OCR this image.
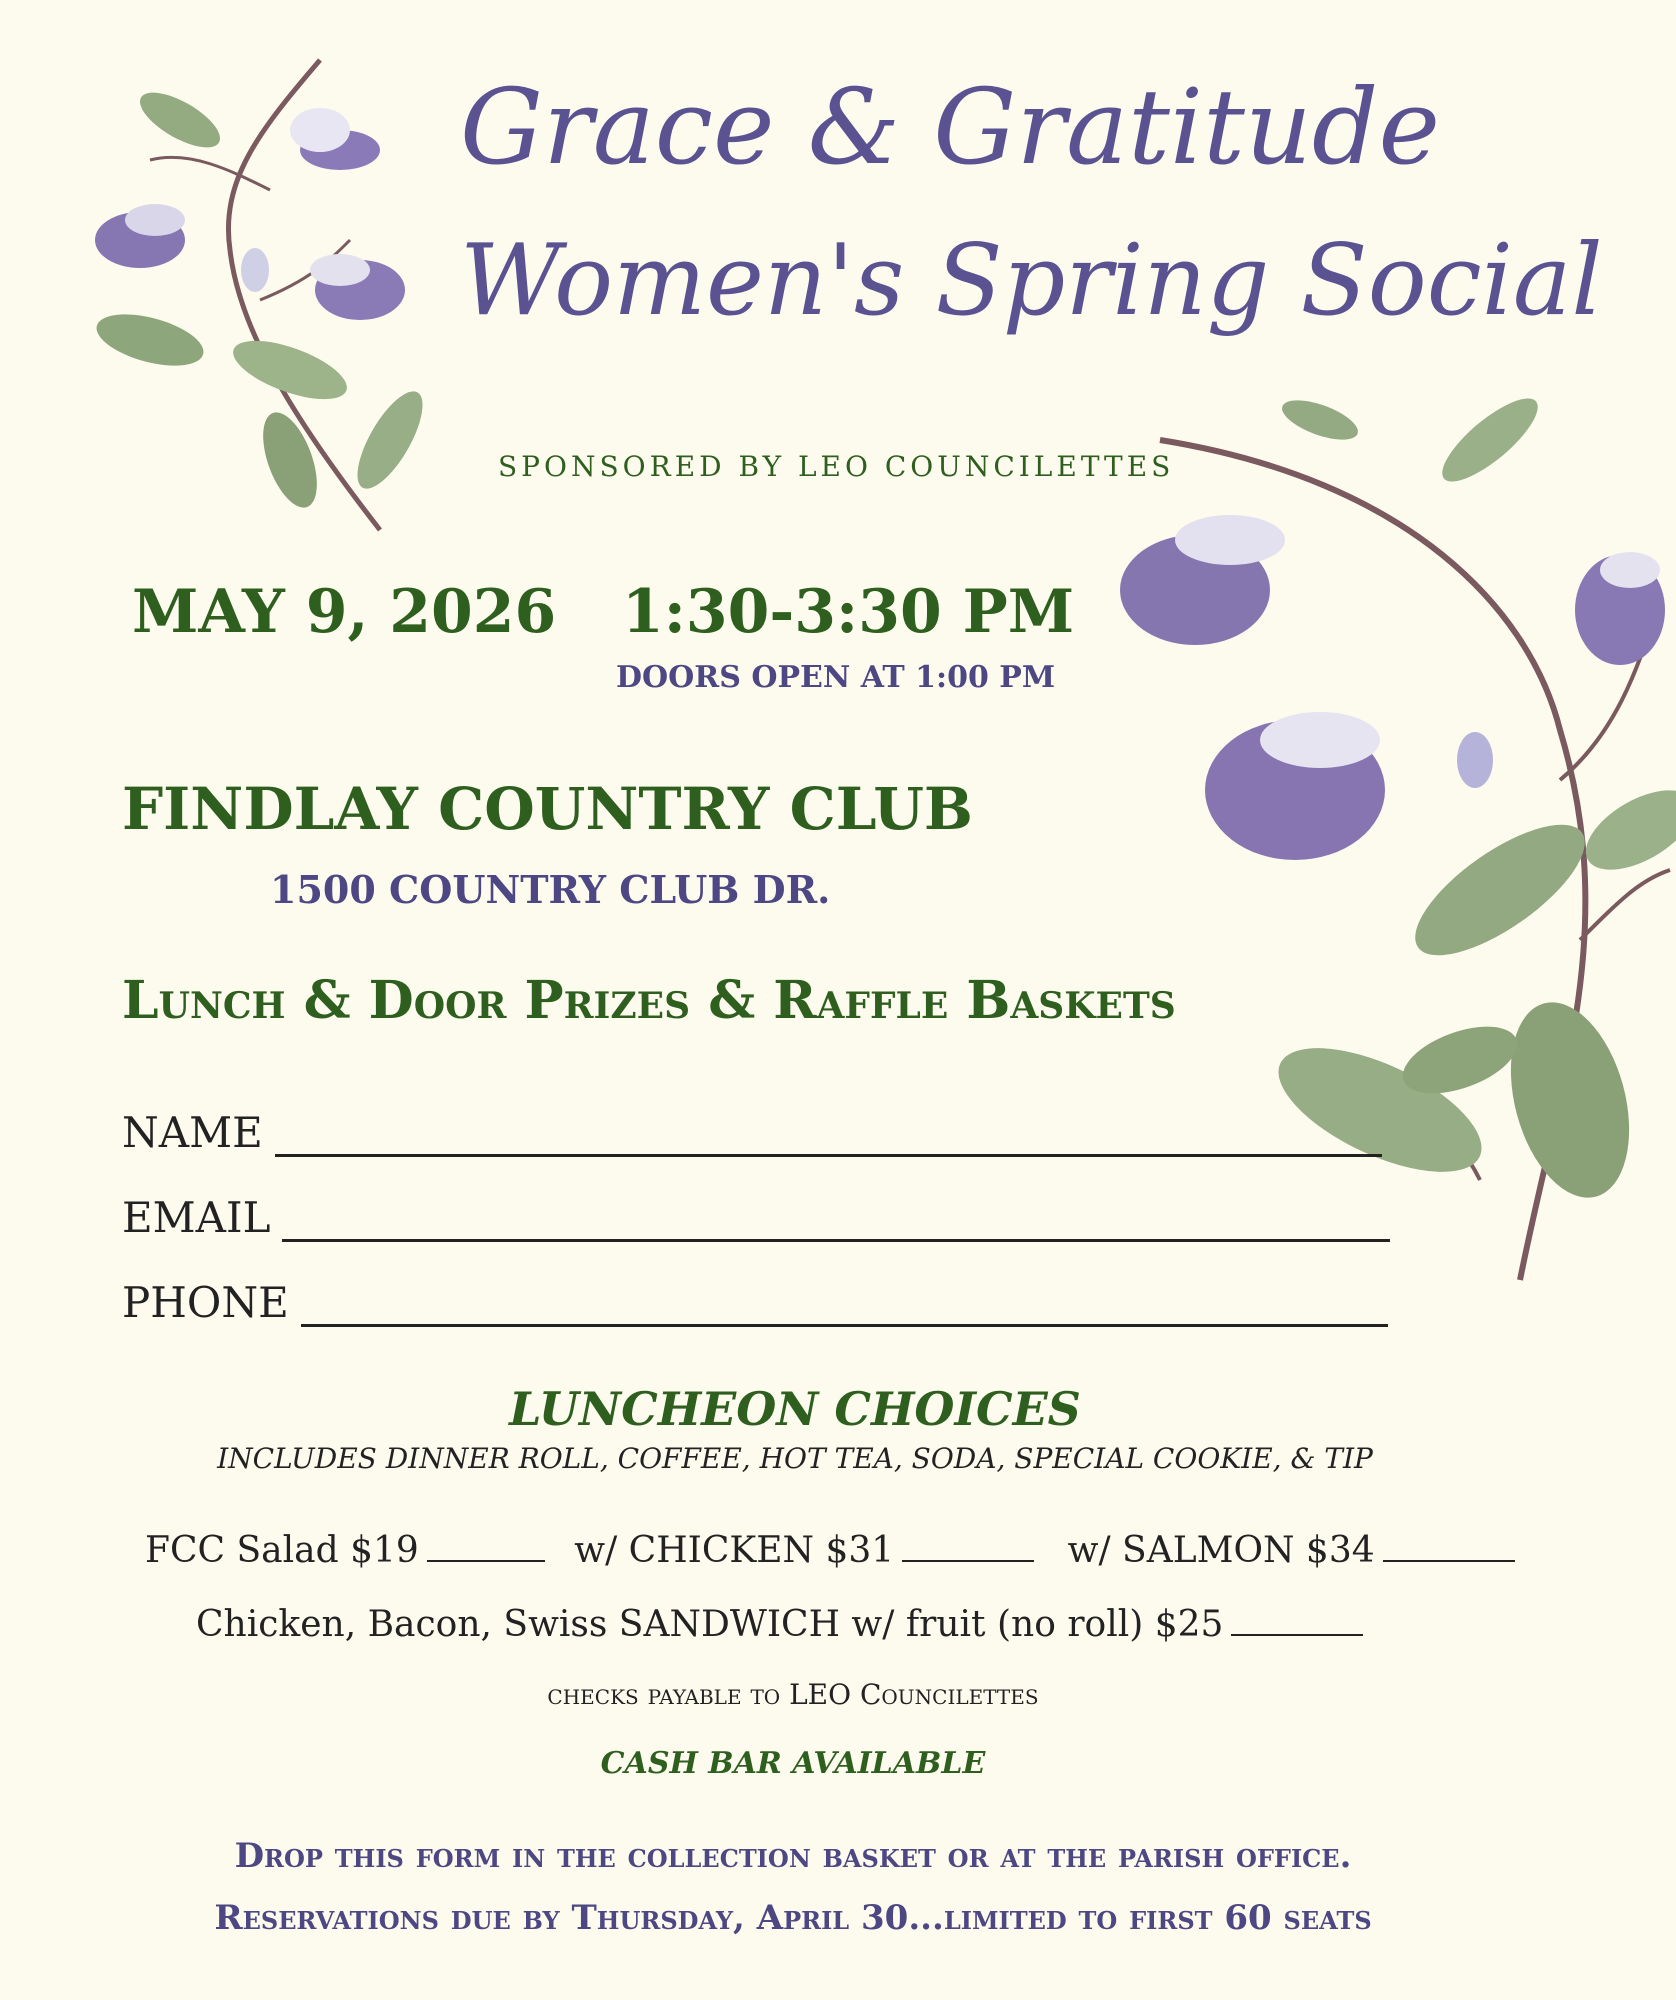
Grace & Gratitude
Women's Spring Social
SPONSORED BY LEO COUNCILETTES
MAY 9, 2026 1:30-3:30 PM
DOORS OPEN AT 1:00 PM
FINDLAY COUNTRY CLUB
1500 COUNTRY CLUB DR.
Lunch & Door Prizes & Raffle Baskets
NAME
EMAIL
PHONE
LUNCHEON CHOICES
INCLUDES DINNER ROLL, COFFEE, HOT TEA, SODA, SPECIAL COOKIE, & TIP
FCC Salad $19	w/ CHICKEN $31	w/ SALMON $34
Chicken, Bacon, Swiss SANDWICH w/ fruit (no roll) $25
checks payable to LEO Councilettes
CASH BAR AVAILABLE
Drop this form in the collection basket or at the parish office.
Reservations due by Thursday, April 30...limited to first 60 seats
